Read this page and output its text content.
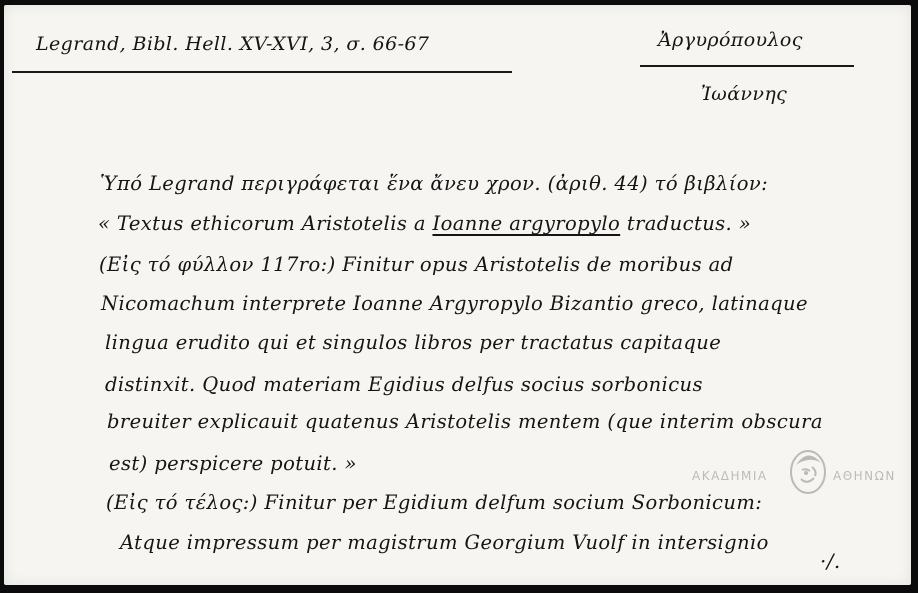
Legrand, Bibl. Hell. XV-XVI, 3, σ. 66-67	Ἀργυρόπουλος
Ἰωάννης
Ὑπό Legrand περιγράφεται ἕνα ἄνευ χρον. (ἀριθ. 44) τό βιβλίον:
« Textus ethicorum Aristotelis a Ioanne argyropylo traductus. »
(Εἰς τό φύλλον 117ro:) Finitur opus Aristotelis de moribus ad
Nicomachum interprete Ioanne Argyropylo Bizantio greco, latinaque
lingua erudito qui et singulos libros per tractatus capitaque
distinxit. Quod materiam Egidius delfus socius sorbonicus
breuiter explicauit quatenus Aristotelis mentem (que interim obscura
est) perspicere potuit. »
(Εἰς τό τέλος:) Finitur per Egidium delfum socium Sorbonicum:
Atque impressum per magistrum Georgium Vuolf in intersignio
·/.
ΑΚΑΔΗΜΙΑ	ΑΘΗΝΩΝ
